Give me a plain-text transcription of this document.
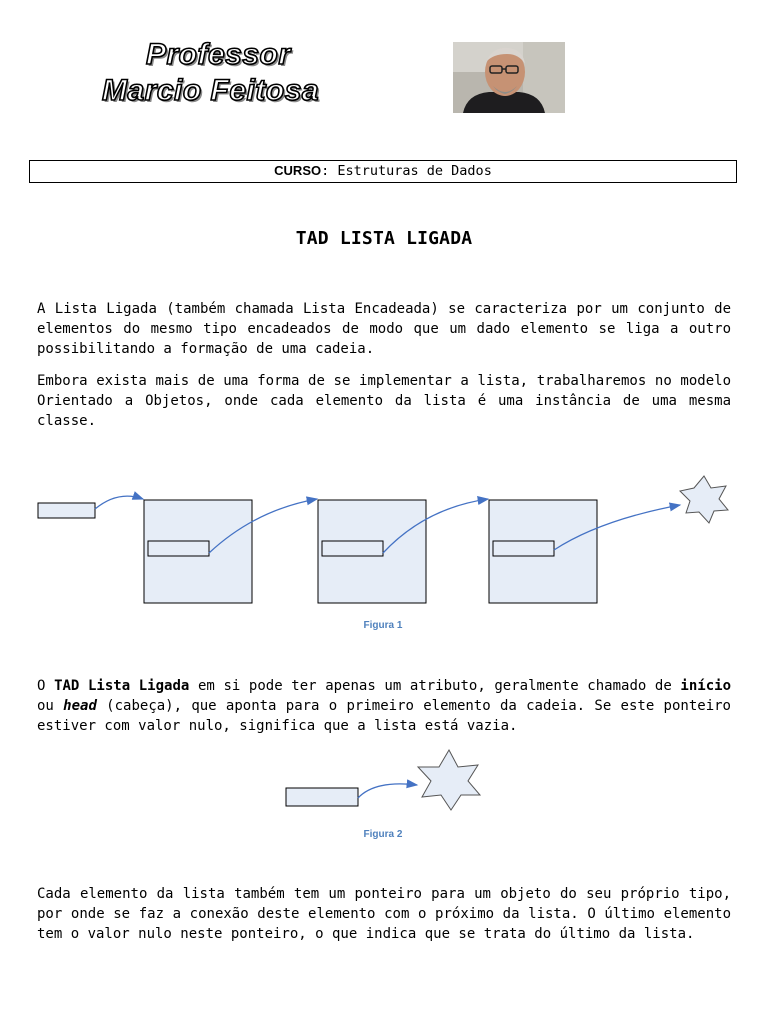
Professor
Marcio Feitosa
CURSO: Estruturas de Dados
TAD LISTA LIGADA

A Lista Ligada (também chamada Lista Encadeada) se caracteriza por um conjunto de elementos do mesmo tipo encadeados de modo que um dado elemento se liga a outro possibilitando a formação de uma cadeia.

Embora exista mais de uma forma de se implementar a lista, trabalharemos no modelo Orientado a Objetos, onde cada elemento da lista é uma instância de uma mesma classe.

Figura 1

O TAD Lista Ligada em si pode ter apenas um atributo, geralmente chamado de início ou head (cabeça), que aponta para o primeiro elemento da cadeia. Se este ponteiro estiver com valor nulo, significa que a lista está vazia.

Figura 2

Cada elemento da lista também tem um ponteiro para um objeto do seu próprio tipo, por onde se faz a conexão deste elemento com o próximo da lista. O último elemento tem o valor nulo neste ponteiro, o que indica que se trata do último da lista.
